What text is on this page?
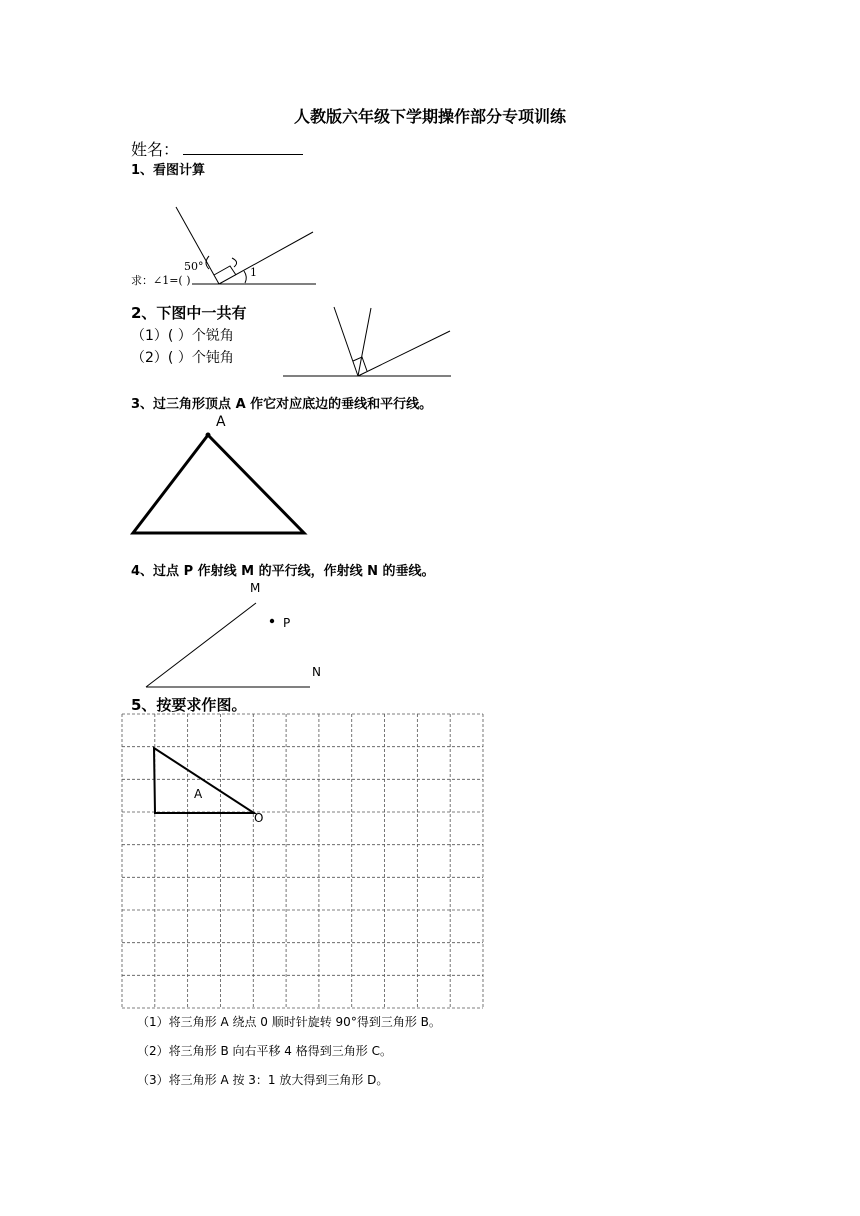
人教版六年级下学期操作部分专项训练
姓名：
1、看图计算
50°	1
求：∠1=( )
2、下图中一共有
（1）( ）个锐角
（2）( ）个钝角
3、过三角形顶点 A 作它对应底边的垂线和平行线。
A
4、过点 P 作射线 M 的平行线，作射线 N 的垂线。
M
P
N
5、按要求作图。
A
O
（1）将三角形 A 绕点 0 顺时针旋转 90°得到三角形 B。
（2）将三角形 B 向右平移 4 格得到三角形 C。
（3）将三角形 A 按 3：1 放大得到三角形 D。
